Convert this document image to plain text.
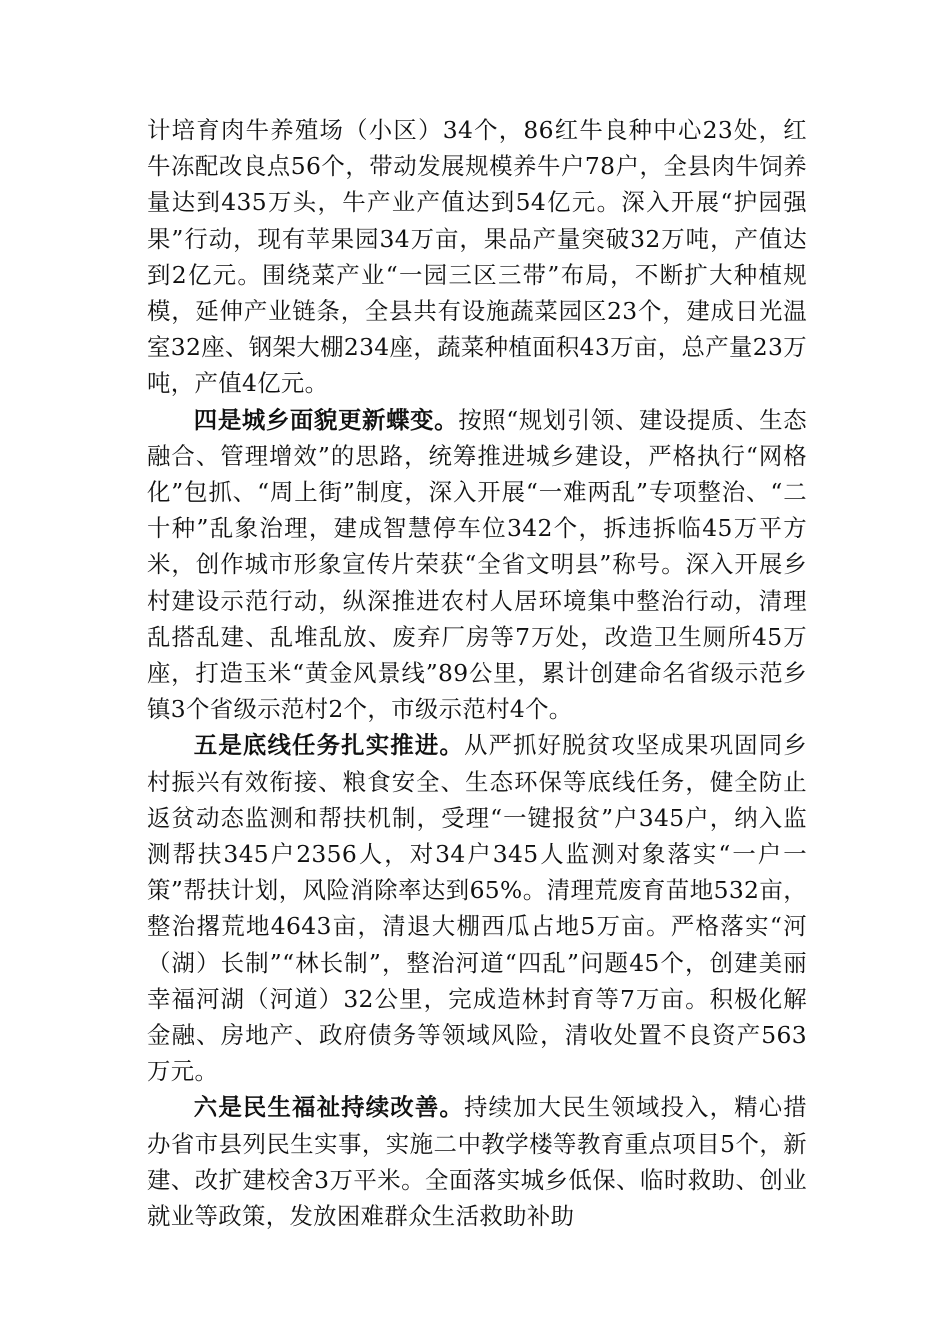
计培育肉牛养殖场（小区）34个，86红牛良种中心23处，红牛冻配改良点56个，带动发展规模养牛户78户，全县肉牛饲养量达到435万头，牛产业产值达到54亿元。深入开展“护园强果”行动，现有苹果园34万亩，果品产量突破32万吨，产值达到2亿元。围绕菜产业“一园三区三带”布局，不断扩大种植规模，延伸产业链条，全县共有设施蔬菜园区23个，建成日光温室32座、钢架大棚234座，蔬菜种植面积43万亩，总产量23万吨，产值4亿元。

四是城乡面貌更新蝶变。按照“规划引领、建设提质、生态融合、管理增效”的思路，统筹推进城乡建设，严格执行“网格化”包抓、“周上街”制度，深入开展“一难两乱”专项整治、“二十种”乱象治理，建成智慧停车位342个，拆违拆临45万平方米，创作城市形象宣传片荣获“全省文明县”称号。深入开展乡村建设示范行动，纵深推进农村人居环境集中整治行动，清理乱搭乱建、乱堆乱放、废弃厂房等7万处，改造卫生厕所45万座，打造玉米“黄金风景线”89公里，累计创建命名省级示范乡镇3个省级示范村2个，市级示范村4个。

五是底线任务扎实推进。从严抓好脱贫攻坚成果巩固同乡村振兴有效衔接、粮食安全、生态环保等底线任务，健全防止返贫动态监测和帮扶机制，受理“一键报贫”户345户，纳入监测帮扶345户2356人，对34户345人监测对象落实“一户一策”帮扶计划，风险消除率达到65%。清理荒废育苗地532亩，整治撂荒地4643亩，清退大棚西瓜占地5万亩。严格落实“河（湖）长制”“林长制”，整治河道“四乱”问题45个，创建美丽幸福河湖（河道）32公里，完成造林封育等7万亩。积极化解金融、房地产、政府债务等领域风险，清收处置不良资产563万元。

六是民生福祉持续改善。持续加大民生领域投入，精心措办省市县列民生实事，实施二中教学楼等教育重点项目5个，新建、改扩建校舍3万平米。全面落实城乡低保、临时救助、创业就业等政策，发放困难群众生活救助补助
